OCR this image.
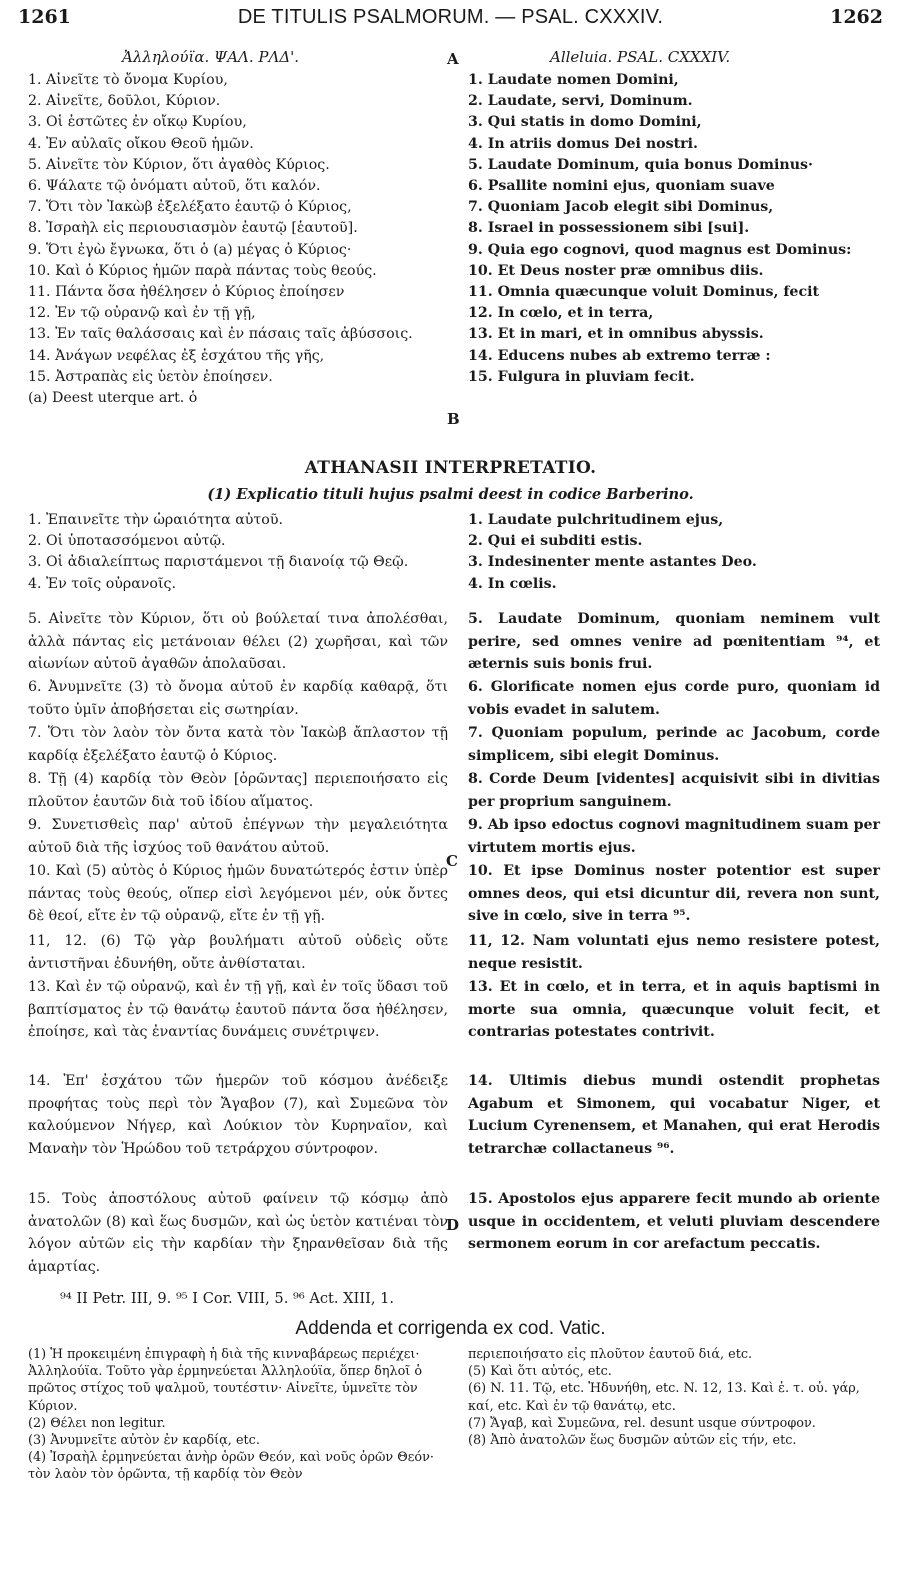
1261	DE TITULIS PSALMORUM. — PSAL. CXXXIV.	1262
A
B
C
D
Ἀλληλούϊα. ΨΑΛ. ΡΛΔ'.
1. Αἰνεῖτε τὸ ὄνομα Κυρίου,
2. Αἰνεῖτε, δοῦλοι, Κύριον.
3. Οἱ ἑστῶτες ἐν οἴκῳ Κυρίου,
4. Ἐν αὐλαῖς οἴκου Θεοῦ ἡμῶν.
5. Αἰνεῖτε τὸν Κύριον, ὅτι ἀγαθὸς Κύριος.
6. Ψάλατε τῷ ὀνόματι αὐτοῦ, ὅτι καλόν.
7. Ὅτι τὸν Ἰακὼβ ἐξελέξατο ἑαυτῷ ὁ Κύριος,
8. Ἰσραὴλ εἰς περιουσιασμὸν ἑαυτῷ [ἑαυτοῦ].
9. Ὅτι ἐγὼ ἔγνωκα, ὅτι ὁ (a) μέγας ὁ Κύριος·
10. Καὶ ὁ Κύριος ἡμῶν παρὰ πάντας τοὺς θεούς.
11. Πάντα ὅσα ἠθέλησεν ὁ Κύριος ἐποίησεν
12. Ἐν τῷ οὐρανῷ καὶ ἐν τῇ γῇ,
13. Ἐν ταῖς θαλάσσαις καὶ ἐν πάσαις ταῖς ἀβύσσοις.
14. Ἀνάγων νεφέλας ἐξ ἐσχάτου τῆς γῆς,
15. Ἀστραπὰς εἰς ὑετὸν ἐποίησεν.
(a) Deest uterque art. ὁ
Alleluia. PSAL. CXXXIV.
1. Laudate nomen Domini,
2. Laudate, servi, Dominum.
3. Qui statis in domo Domini,
4. In atriis domus Dei nostri.
5. Laudate Dominum, quia bonus Dominus·
6. Psallite nomini ejus, quoniam suave
7. Quoniam Jacob elegit sibi Dominus,
8. Israel in possessionem sibi [sui].
9. Quia ego cognovi, quod magnus est Dominus:
10. Et Deus noster præ omnibus diis.
11. Omnia quæcunque voluit Dominus, fecit
12. In cœlo, et in terra,
13. Et in mari, et in omnibus abyssis.
14. Educens nubes ab extremo terræ :
15. Fulgura in pluviam fecit.
ATHANASII INTERPRETATIO.
(1) Explicatio tituli hujus psalmi deest in codice Barberino.
1. Ἐπαινεῖτε τὴν ὡραιότητα αὐτοῦ.
2. Οἱ ὑποτασσόμενοι αὐτῷ.
3. Οἱ ἀδιαλείπτως παριστάμενοι τῇ διανοίᾳ τῷ Θεῷ.
4. Ἐν τοῖς οὐρανοῖς.
1. Laudate pulchritudinem ejus,
2. Qui ei subditi estis.
3. Indesinenter mente astantes Deo.
4. In cœlis.

5. Αἰνεῖτε τὸν Κύριον, ὅτι οὐ βούλεταί τινα ἀπολέσθαι, ἀλλὰ πάντας εἰς μετάνοιαν θέλει (2) χωρῆσαι, καὶ τῶν αἰωνίων αὐτοῦ ἀγαθῶν ἀπολαῦσαι.

6. Ἀνυμνεῖτε (3) τὸ ὄνομα αὐτοῦ ἐν καρδίᾳ καθαρᾷ, ὅτι τοῦτο ὑμῖν ἀποβήσεται εἰς σωτηρίαν.

7. Ὅτι τὸν λαὸν τὸν ὄντα κατὰ τὸν Ἰακὼβ ἄπλαστον τῇ καρδίᾳ ἐξελέξατο ἑαυτῷ ὁ Κύριος.

8. Τῇ (4) καρδίᾳ τὸν Θεὸν [ὁρῶντας] περιεποιήσατο εἰς πλοῦτον ἑαυτῶν διὰ τοῦ ἰδίου αἵματος.

9. Συνετισθεὶς παρ' αὐτοῦ ἐπέγνων τὴν μεγαλειότητα αὐτοῦ διὰ τῆς ἰσχύος τοῦ θανάτου αὐτοῦ.

10. Καὶ (5) αὐτὸς ὁ Κύριος ἡμῶν δυνατώτερός ἐστιν ὑπὲρ πάντας τοὺς θεούς, οἵπερ εἰσὶ λεγόμενοι μέν, οὐκ ὄντες δὲ θεοί, εἴτε ἐν τῷ οὐρανῷ, εἴτε ἐν τῇ γῇ.

11, 12. (6) Τῷ γὰρ βουλήματι αὐτοῦ οὐδεὶς οὔτε ἀντιστῆναι ἐδυνήθη, οὔτε ἀνθίσταται.

13. Καὶ ἐν τῷ οὐρανῷ, καὶ ἐν τῇ γῇ, καὶ ἐν τοῖς ὕδασι τοῦ βαπτίσματος ἐν τῷ θανάτῳ ἑαυτοῦ πάντα ὅσα ἠθέλησεν, ἐποίησε, καὶ τὰς ἐναντίας δυνάμεις συνέτριψεν.

14. Ἐπ' ἐσχάτου τῶν ἡμερῶν τοῦ κόσμου ἀνέδειξε προφήτας τοὺς περὶ τὸν Ἄγαβον (7), καὶ Συμεῶνα τὸν καλούμενον Νήγερ, καὶ Λούκιον τὸν Κυρηναῖον, καὶ Μαναὴν τὸν Ἡρώδου τοῦ τετράρχου σύντροφον.

15. Τοὺς ἀποστόλους αὐτοῦ φαίνειν τῷ κόσμῳ ἀπὸ ἀνατολῶν (8) καὶ ἕως δυσμῶν, καὶ ὡς ὑετὸν κατιέναι τὸν λόγον αὐτῶν εἰς τὴν καρδίαν τὴν ξηρανθεῖσαν διὰ τῆς ἁμαρτίας.

5. Laudate Dominum, quoniam neminem vult perire, sed omnes venire ad pœnitentiam ⁹⁴, et æternis suis bonis frui.

6. Glorificate nomen ejus corde puro, quoniam id vobis evadet in salutem.

7. Quoniam populum, perinde ac Jacobum, corde simplicem, sibi elegit Dominus.

8. Corde Deum [videntes] acquisivit sibi in divitias per proprium sanguinem.

9. Ab ipso edoctus cognovi magnitudinem suam per virtutem mortis ejus.

10. Et ipse Dominus noster potentior est super omnes deos, qui etsi dicuntur dii, revera non sunt, sive in cœlo, sive in terra ⁹⁵.

11, 12. Nam voluntati ejus nemo resistere potest, neque resistit.

13. Et in cœlo, et in terra, et in aquis baptismi in morte sua omnia, quæcunque voluit fecit, et contrarias potestates contrivit.

14. Ultimis diebus mundi ostendit prophetas Agabum et Simonem, qui vocabatur Niger, et Lucium Cyrenensem, et Manahen, qui erat Herodis tetrarchæ collactaneus ⁹⁶.

15. Apostolos ejus apparere fecit mundo ab oriente usque in occidentem, et veluti pluviam descendere sermonem eorum in cor arefactum peccatis.

⁹⁴ II Petr. III, 9. ⁹⁵ I Cor. VIII, 5. ⁹⁶ Act. XIII, 1.
Addenda et corrigenda ex cod. Vatic.

(1) Ἡ προκειμένη ἐπιγραφὴ ἡ διὰ τῆς κινναβάρεως περιέχει· Ἀλληλούϊα. Τοῦτο γὰρ ἑρμηνεύεται Ἀλληλούϊα, ὅπερ δηλοῖ ὁ πρῶτος στίχος τοῦ ψαλμοῦ, τουτέστιν· Αἰνεῖτε, ὑμνεῖτε τὸν Κύριον.

(2) Θέλει non legitur.

(3) Ἀνυμνεῖτε αὐτὸν ἐν καρδίᾳ, etc.

(4) Ἰσραὴλ ἑρμηνεύεται ἀνὴρ ὁρῶν Θεόν, καὶ νοῦς ὁρῶν Θεόν· τὸν λαὸν τὸν ὁρῶντα, τῇ καρδίᾳ τὸν Θεὸν

περιεποιήσατο εἰς πλοῦτον ἑαυτοῦ διά, etc.

(5) Καὶ ὅτι αὐτός, etc.

(6) N. 11. Τῷ, etc. Ἠδυνήθη, etc. N. 12, 13. Καὶ ἐ. τ. οὐ. γάρ, καί, etc. Καὶ ἐν τῷ θανάτῳ, etc.

(7) Ἄγαβ, καὶ Συμεῶνα, rel. desunt usque σύντροφον.

(8) Ἀπὸ ἀνατολῶν ἕως δυσμῶν αὐτῶν εἰς τήν, etc.
